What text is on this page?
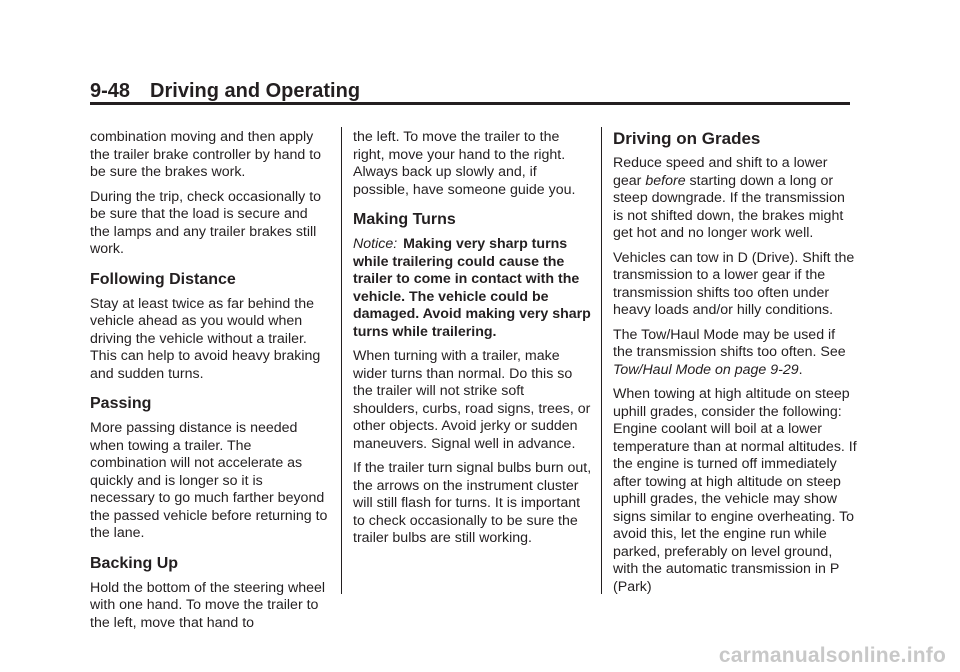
9-48 Driving and Operating

combination moving and then apply the trailer brake controller by hand to be sure the brakes work.

During the trip, check occasionally to be sure that the load is secure and the lamps and any trailer brakes still work.

Following Distance

Stay at least twice as far behind the vehicle ahead as you would when driving the vehicle without a trailer. This can help to avoid heavy braking and sudden turns.

Passing

More passing distance is needed when towing a trailer. The combination will not accelerate as quickly and is longer so it is necessary to go much farther beyond the passed vehicle before returning to the lane.

Backing Up

Hold the bottom of the steering wheel with one hand. To move the trailer to the left, move that hand to

the left. To move the trailer to the right, move your hand to the right. Always back up slowly and, if possible, have someone guide you.

Making Turns

Notice: Making very sharp turns while trailering could cause the trailer to come in contact with the vehicle. The vehicle could be damaged. Avoid making very sharp turns while trailering.

When turning with a trailer, make wider turns than normal. Do this so the trailer will not strike soft shoulders, curbs, road signs, trees, or other objects. Avoid jerky or sudden maneuvers. Signal well in advance.

If the trailer turn signal bulbs burn out, the arrows on the instrument cluster will still flash for turns. It is important to check occasionally to be sure the trailer bulbs are still working.

Driving on Grades

Reduce speed and shift to a lower gear before starting down a long or steep downgrade. If the transmission is not shifted down, the brakes might get hot and no longer work well.

Vehicles can tow in D (Drive). Shift the transmission to a lower gear if the transmission shifts too often under heavy loads and/or hilly conditions.

The Tow/Haul Mode may be used if the transmission shifts too often. See Tow/Haul Mode on page 9-29.

When towing at high altitude on steep uphill grades, consider the following: Engine coolant will boil at a lower temperature than at normal altitudes. If the engine is turned off immediately after towing at high altitude on steep uphill grades, the vehicle may show signs similar to engine overheating. To avoid this, let the engine run while parked, preferably on level ground, with the automatic transmission in P (Park)

carmanualsonline.info
